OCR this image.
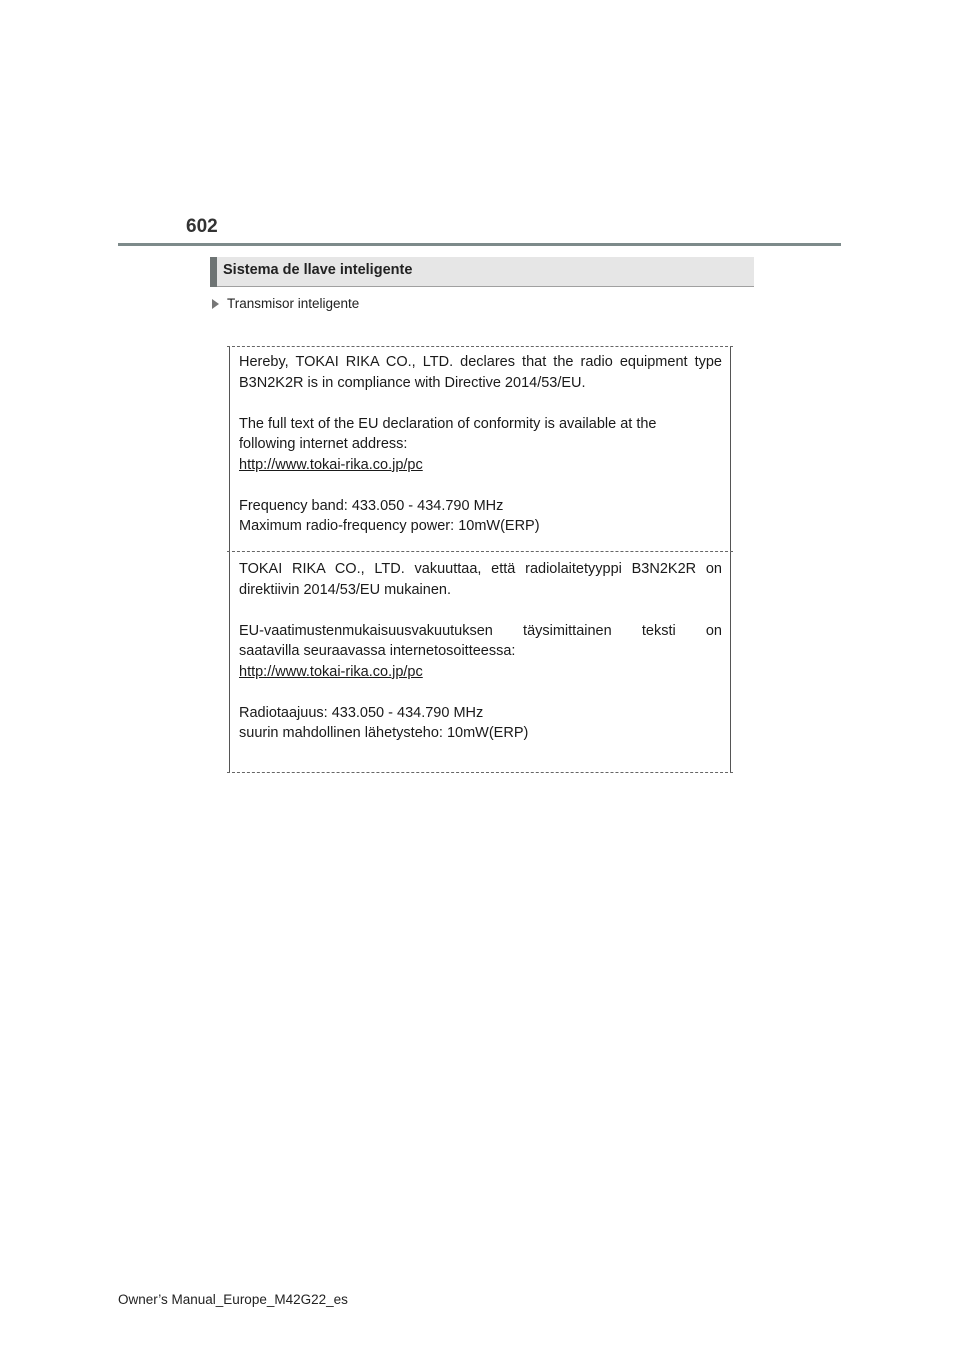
602
Sistema de llave inteligente
Transmisor inteligente

Hereby, TOKAI RIKA CO., LTD. declares that the radio equipment type

B3N2K2R is in compliance with Directive 2014/53/EU.

The full text of the EU declaration of conformity is available at the

following internet address:

http://www.tokai-rika.co.jp/pc

Frequency band: 433.050 - 434.790 MHz

Maximum radio-frequency power: 10mW(ERP)

TOKAI RIKA CO., LTD. vakuuttaa, että radiolaitetyyppi B3N2K2R on

direktiivin 2014/53/EU mukainen.

EU-vaatimustenmukaisuusvakuutuksen täysimittainen teksti on

saatavilla seuraavassa internetosoitteessa:

http://www.tokai-rika.co.jp/pc

Radiotaajuus: 433.050 - 434.790 MHz

suurin mahdollinen lähetysteho: 10mW(ERP)

Owner’s Manual_Europe_M42G22_es
